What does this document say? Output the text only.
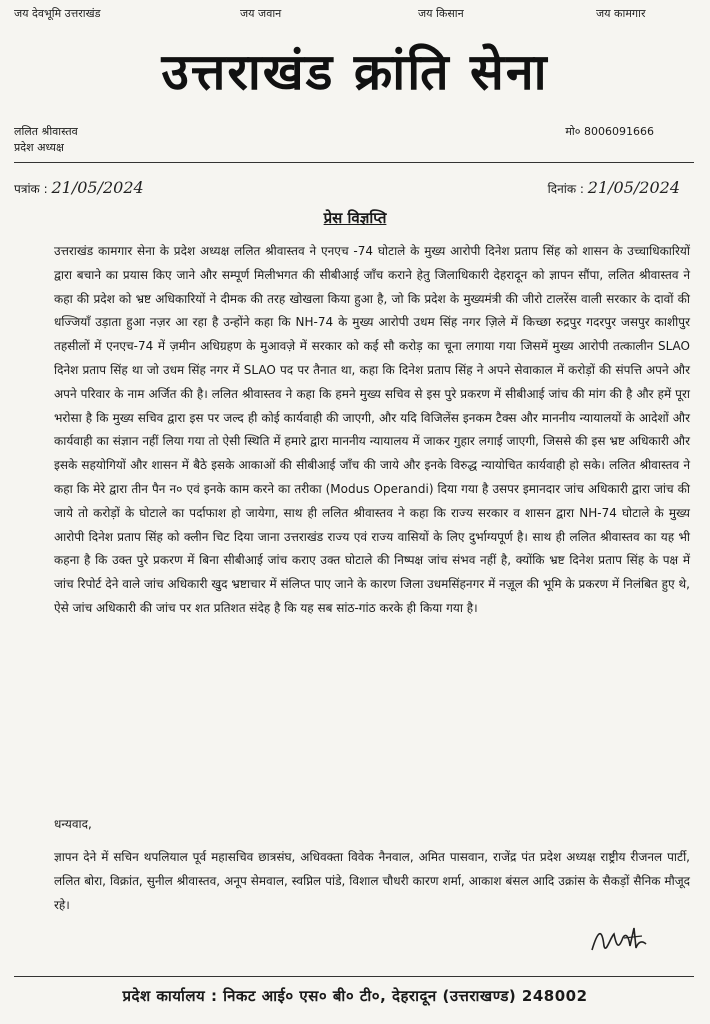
जय देवभूमि उत्तराखंड	जय जवान	जय किसान	जय कामगार
उत्तराखंड क्रांति सेना
ललित श्रीवास्तव
प्रदेश अध्यक्ष
मो० 8006091666
पत्रांक : 21/05/2024	दिनांक : 21/05/2024
प्रेस विज्ञप्ति
उत्तराखंड कामगार सेना के प्रदेश अध्यक्ष ललित श्रीवास्तव ने एनएच -74 घोटाले के मुख्य आरोपी दिनेश प्रताप सिंह को शासन के उच्चाधिकारियों द्वारा बचाने का प्रयास किए जाने और सम्पूर्ण मिलीभगत की सीबीआई जाँच कराने हेतु जिलाधिकारी देहरादून को ज्ञापन सौंपा, ललित श्रीवास्तव ने कहा की प्रदेश को भ्रष्ट अधिकारियों ने दीमक की तरह खोखला किया हुआ है, जो कि प्रदेश के मुख्यमंत्री की जीरो टालरेंस वाली सरकार के दावों की धज्जियाँ उड़ाता हुआ नज़र आ रहा है उन्होंने कहा कि NH-74 के मुख्य आरोपी उधम सिंह नगर ज़िले में किच्छा रुद्रपुर गदरपुर जसपुर काशीपुर तहसीलों में एनएच-74 में ज़मीन अधिग्रहण के मुआवज़े में सरकार को कई सौ करोड़ का चूना लगाया गया जिसमें मुख्य आरोपी तत्कालीन SLAO दिनेश प्रताप सिंह था जो उधम सिंह नगर में SLAO पद पर तैनात था, कहा कि दिनेश प्रताप सिंह ने अपने सेवाकाल में करोड़ों की संपत्ति अपने और अपने परिवार के नाम अर्जित की है। ललित श्रीवास्तव ने कहा कि हमने मुख्य सचिव से इस पुरे प्रकरण में सीबीआई जांच की मांग की है और हमें पूरा भरोसा है कि मुख्य सचिव द्वारा इस पर जल्द ही कोई कार्यवाही की जाएगी, और यदि विजिलेंस इनकम टैक्स और माननीय न्यायालयों के आदेशों और कार्यवाही का संज्ञान नहीं लिया गया तो ऐसी स्थिति में हमारे द्वारा माननीय न्यायालय में जाकर गुहार लगाई जाएगी, जिससे की इस भ्रष्ट अधिकारी और इसके सहयोगियों और शासन में बैठे इसके आकाओं की सीबीआई जाँच की जाये और इनके विरुद्ध न्यायोचित कार्यवाही हो सके। ललित श्रीवास्तव ने कहा कि मेरे द्वारा तीन पैन न० एवं इनके काम करने का तरीका (Modus Operandi) दिया गया है उसपर इमानदार जांच अधिकारी द्वारा जांच की जाये तो करोड़ों के घोटाले का पर्दाफाश हो जायेगा, साथ ही ललित श्रीवास्तव ने कहा कि राज्य सरकार व शासन द्वारा NH-74 घोटाले के मुख्य आरोपी दिनेश प्रताप सिंह को क्लीन चिट दिया जाना उत्तराखंड राज्य एवं राज्य वासियों के लिए दुर्भाग्यपूर्ण है। साथ ही ललित श्रीवास्तव का यह भी कहना है कि उक्त पुरे प्रकरण में बिना सीबीआई जांच कराए उक्त घोटाले की निष्पक्ष जांच संभव नहीं है, क्योंकि भ्रष्ट दिनेश प्रताप सिंह के पक्ष में जांच रिपोर्ट देने वाले जांच अधिकारी खुद भ्रष्टाचार में संलिप्त पाए जाने के कारण जिला उधमसिंहनगर में नज़ूल की भूमि के प्रकरण में निलंबित हुए थे, ऐसे जांच अधिकारी की जांच पर शत प्रतिशत संदेह है कि यह सब सांठ-गांठ करके ही किया गया है।
धन्यवाद,
ज्ञापन देने में सचिन थपलियाल पूर्व महासचिव छात्रसंघ, अधिवक्ता विवेक नैनवाल, अमित पासवान, राजेंद्र पंत प्रदेश अध्यक्ष राष्ट्रीय रीजनल पार्टी, ललित बोरा, विक्रांत, सुनील श्रीवास्तव, अनूप सेमवाल, स्वप्निल पांडे, विशाल चौधरी कारण शर्मा, आकाश बंसल आदि उक्रांस के सैकड़ों सैनिक मौजूद रहे।
प्रदेश कार्यालय : निकट आई० एस० बी० टी०, देहरादून (उत्तराखण्ड) 248002
